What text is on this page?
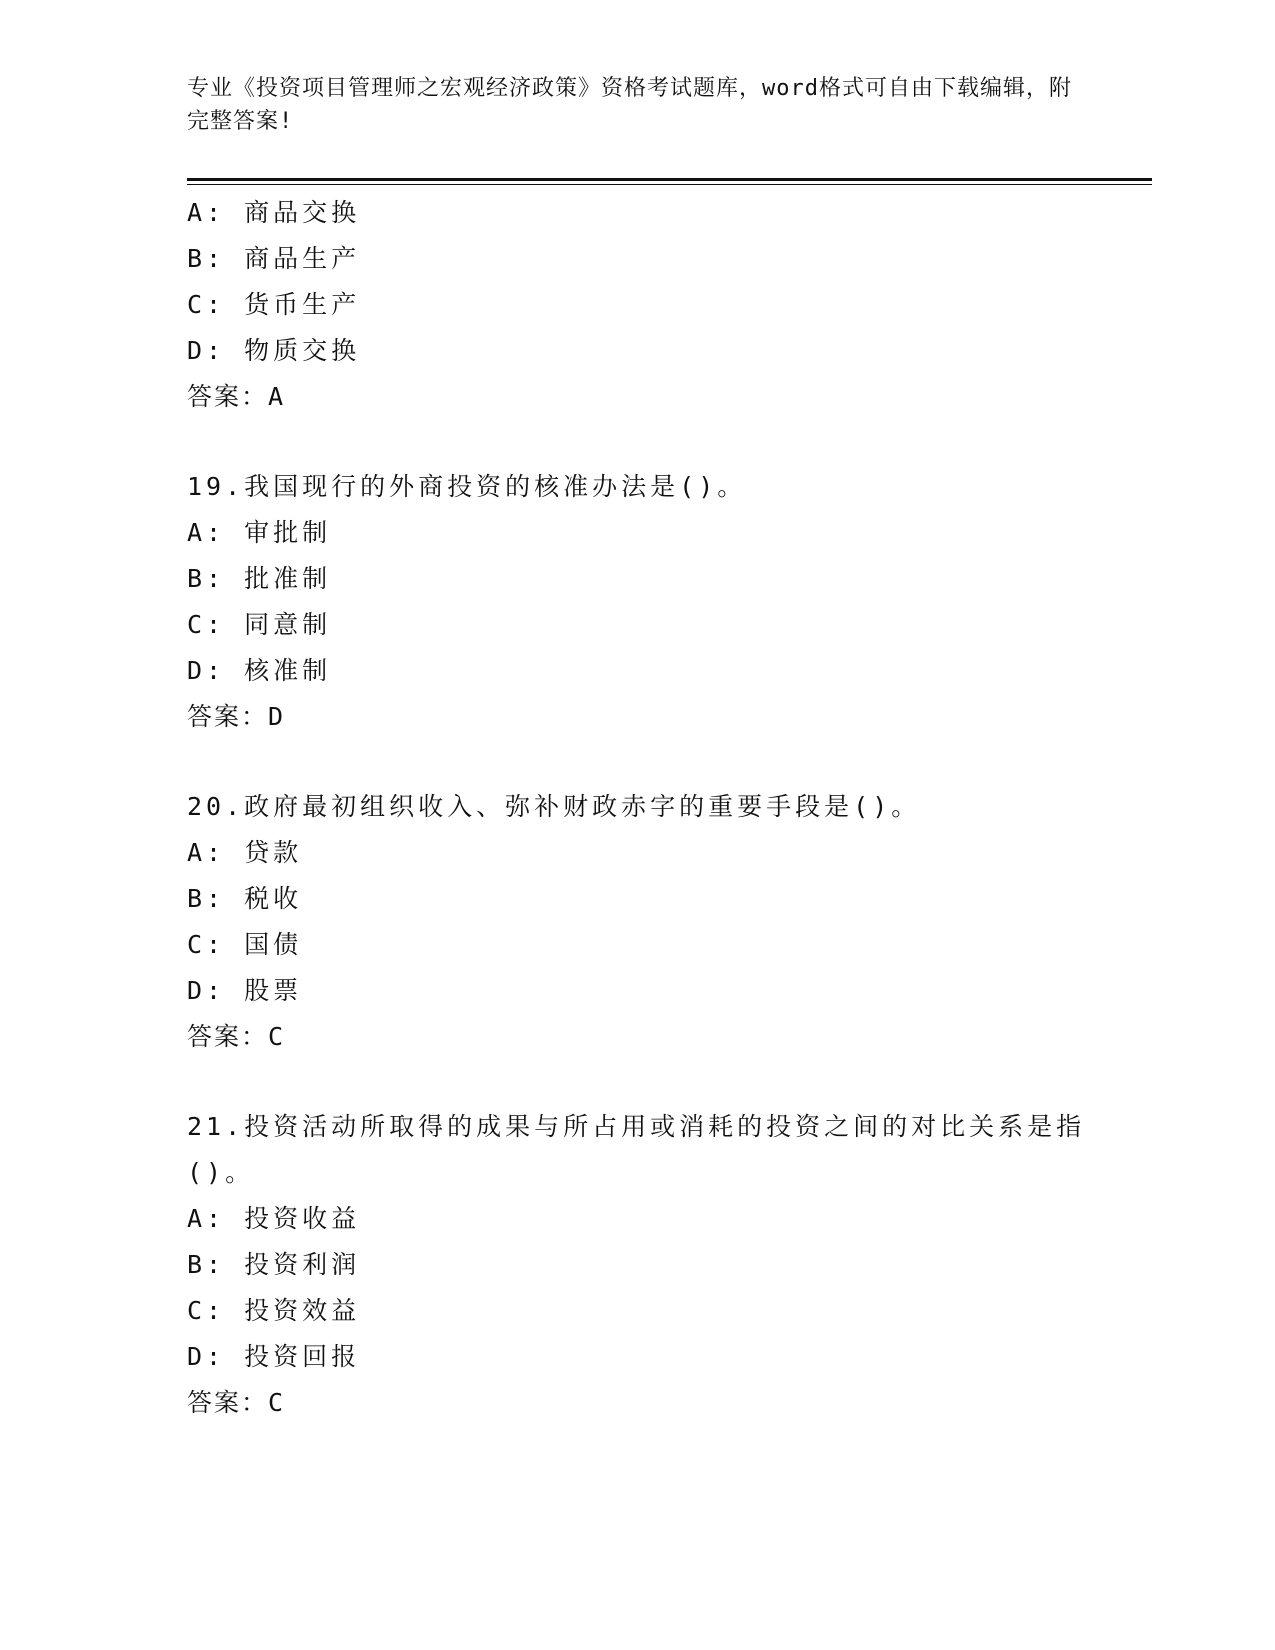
专业《投资项目管理师之宏观经济政策》资格考试题库，word格式可自由下载编辑，附完整答案!
A: 商品交换
B: 商品生产
C: 货币生产
D: 物质交换
答案：A
19.我国现行的外商投资的核准办法是()。
A: 审批制
B: 批准制
C: 同意制
D: 核准制
答案：D
20.政府最初组织收入、弥补财政赤字的重要手段是()。
A: 贷款
B: 税收
C: 国债
D: 股票
答案：C
21.投资活动所取得的成果与所占用或消耗的投资之间的对比关系是指()。
A: 投资收益
B: 投资利润
C: 投资效益
D: 投资回报
答案：C
